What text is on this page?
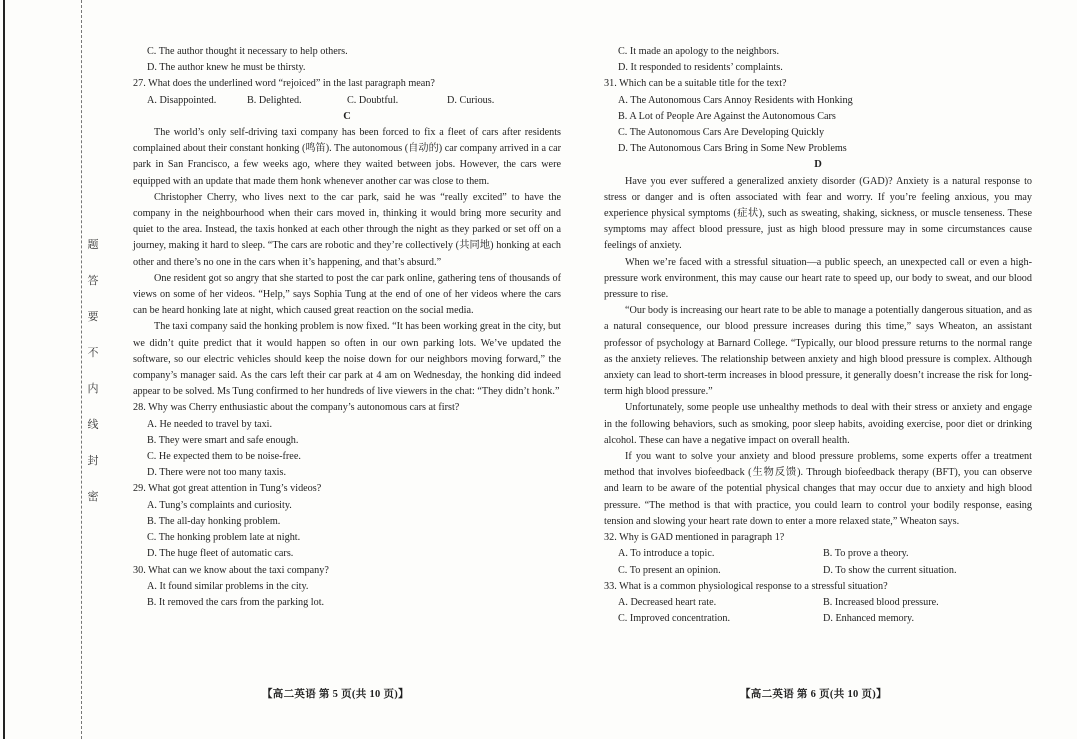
题
答
要
不
内
线
封
密

C. The author thought it necessary to help others.

D. The author knew he must be thirsty.

27. What does the underlined word “rejoiced” in the last paragraph mean?

A. Disappointed.	B. Delighted.	C. Doubtful.	D. Curious.

C

The world’s only self-driving taxi company has been forced to fix a fleet of cars after residents complained about their constant honking (鸣笛). The autonomous (自动的) car company arrived in a car park in San Francisco, a few weeks ago, where they waited between jobs. However, the cars were equipped with an update that made them honk whenever another car was close to them.

Christopher Cherry, who lives next to the car park, said he was “really excited” to have the company in the neighbourhood when their cars moved in, thinking it would bring more security and quiet to the area. Instead, the taxis honked at each other through the night as they parked or set off on a journey, making it hard to sleep. “The cars are robotic and they’re collectively (共同地) honking at each other and there’s no one in the cars when it’s happening, and that’s absurd.”

One resident got so angry that she started to post the car park online, gathering tens of thousands of views on some of her videos. “Help,” says Sophia Tung at the end of one of her videos where the cars can be heard honking late at night, which caused great reaction on the social media.

The taxi company said the honking problem is now fixed. “It has been working great in the city, but we didn’t quite predict that it would happen so often in our own parking lots. We’ve updated the software, so our electric vehicles should keep the noise down for our neighbors moving forward,” the company’s manager said. As the cars left their car park at 4 am on Wednesday, the honking did indeed appear to be solved. Ms Tung confirmed to her hundreds of live viewers in the chat: “They didn’t honk.”

28. Why was Cherry enthusiastic about the company’s autonomous cars at first?

A. He needed to travel by taxi.

B. They were smart and safe enough.

C. He expected them to be noise-free.

D. There were not too many taxis.

29. What got great attention in Tung’s videos?

A. Tung’s complaints and curiosity.

B. The all-day honking problem.

C. The honking problem late at night.

D. The huge fleet of automatic cars.

30. What can we know about the taxi company?

A. It found similar problems in the city.

B. It removed the cars from the parking lot.

C. It made an apology to the neighbors.

D. It responded to residents’ complaints.

31. Which can be a suitable title for the text?

A. The Autonomous Cars Annoy Residents with Honking

B. A Lot of People Are Against the Autonomous Cars

C. The Autonomous Cars Are Developing Quickly

D. The Autonomous Cars Bring in Some New Problems

D

Have you ever suffered a generalized anxiety disorder (GAD)? Anxiety is a natural response to stress or danger and is often associated with fear and worry. If you’re feeling anxious, you may experience physical symptoms (症状), such as sweating, shaking, sickness, or muscle tenseness. These symptoms may affect blood pressure, just as high blood pressure may in some circumstances cause feelings of anxiety.

When we’re faced with a stressful situation—a public speech, an unexpected call or even a high-pressure work environment, this may cause our heart rate to speed up, our body to sweat, and our blood pressure to rise.

“Our body is increasing our heart rate to be able to manage a potentially dangerous situation, and as a natural consequence, our blood pressure increases during this time,” says Wheaton, an assistant professor of psychology at Barnard College. “Typically, our blood pressure returns to the normal range as the anxiety relieves. The relationship between anxiety and high blood pressure is complex. Although anxiety can lead to short-term increases in blood pressure, it generally doesn’t increase the risk for long-term high blood pressure.”

Unfortunately, some people use unhealthy methods to deal with their stress or anxiety and engage in the following behaviors, such as smoking, poor sleep habits, avoiding exercise, poor diet or drinking alcohol. These can have a negative impact on overall health.

If you want to solve your anxiety and blood pressure problems, some experts offer a treatment method that involves biofeedback (生物反馈). Through biofeedback therapy (BFT), you can observe and learn to be aware of the potential physical changes that may occur due to anxiety and high blood pressure. “The method is that with practice, you could learn to control your bodily response, easing tension and slowing your heart rate down to enter a more relaxed state,” Wheaton says.

32. Why is GAD mentioned in paragraph 1?

A. To introduce a topic.	B. To prove a theory.
C. To present an opinion.	D. To show the current situation.

33. What is a common physiological response to a stressful situation?

A. Decreased heart rate.	B. Increased blood pressure.
C. Improved concentration.	D. Enhanced memory.
【高二英语 第 5 页(共 10 页)】	【高二英语 第 6 页(共 10 页)】
